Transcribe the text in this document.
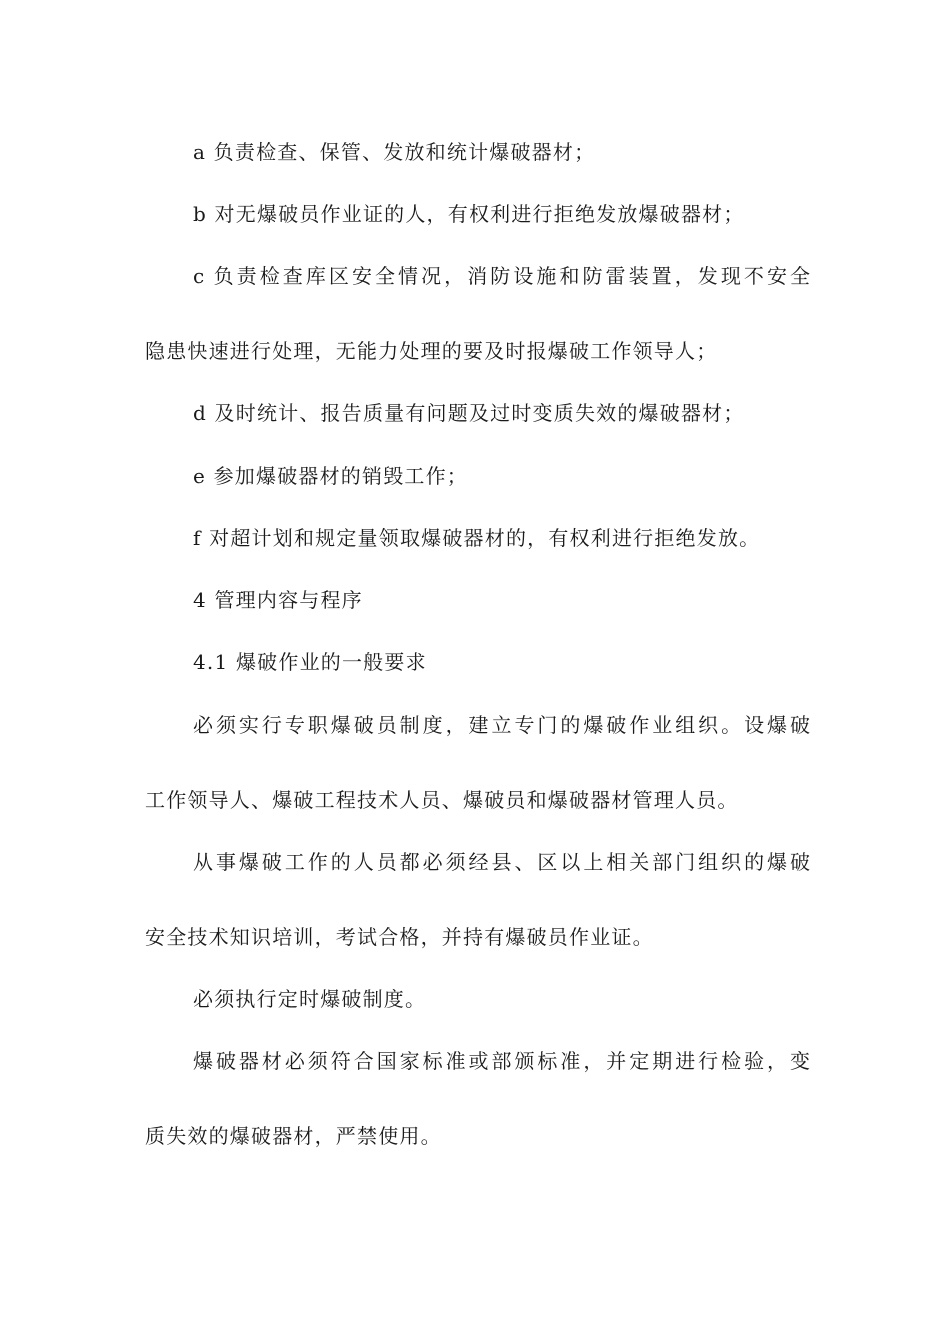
a 负责检查、保管、发放和统计爆破器材；
b 对无爆破员作业证的人，有权利进行拒绝发放爆破器材；
c 负责检查库区安全情况，消防设施和防雷装置，发现不安全
隐患快速进行处理，无能力处理的要及时报爆破工作领导人；
d 及时统计、报告质量有问题及过时变质失效的爆破器材；
e 参加爆破器材的销毁工作；
f 对超计划和规定量领取爆破器材的，有权利进行拒绝发放。
4 管理内容与程序
4.1 爆破作业的一般要求
必须实行专职爆破员制度，建立专门的爆破作业组织。设爆破
工作领导人、爆破工程技术人员、爆破员和爆破器材管理人员。
从事爆破工作的人员都必须经县、区以上相关部门组织的爆破
安全技术知识培训，考试合格，并持有爆破员作业证。
必须执行定时爆破制度。
爆破器材必须符合国家标准或部颁标准，并定期进行检验，变
质失效的爆破器材，严禁使用。
